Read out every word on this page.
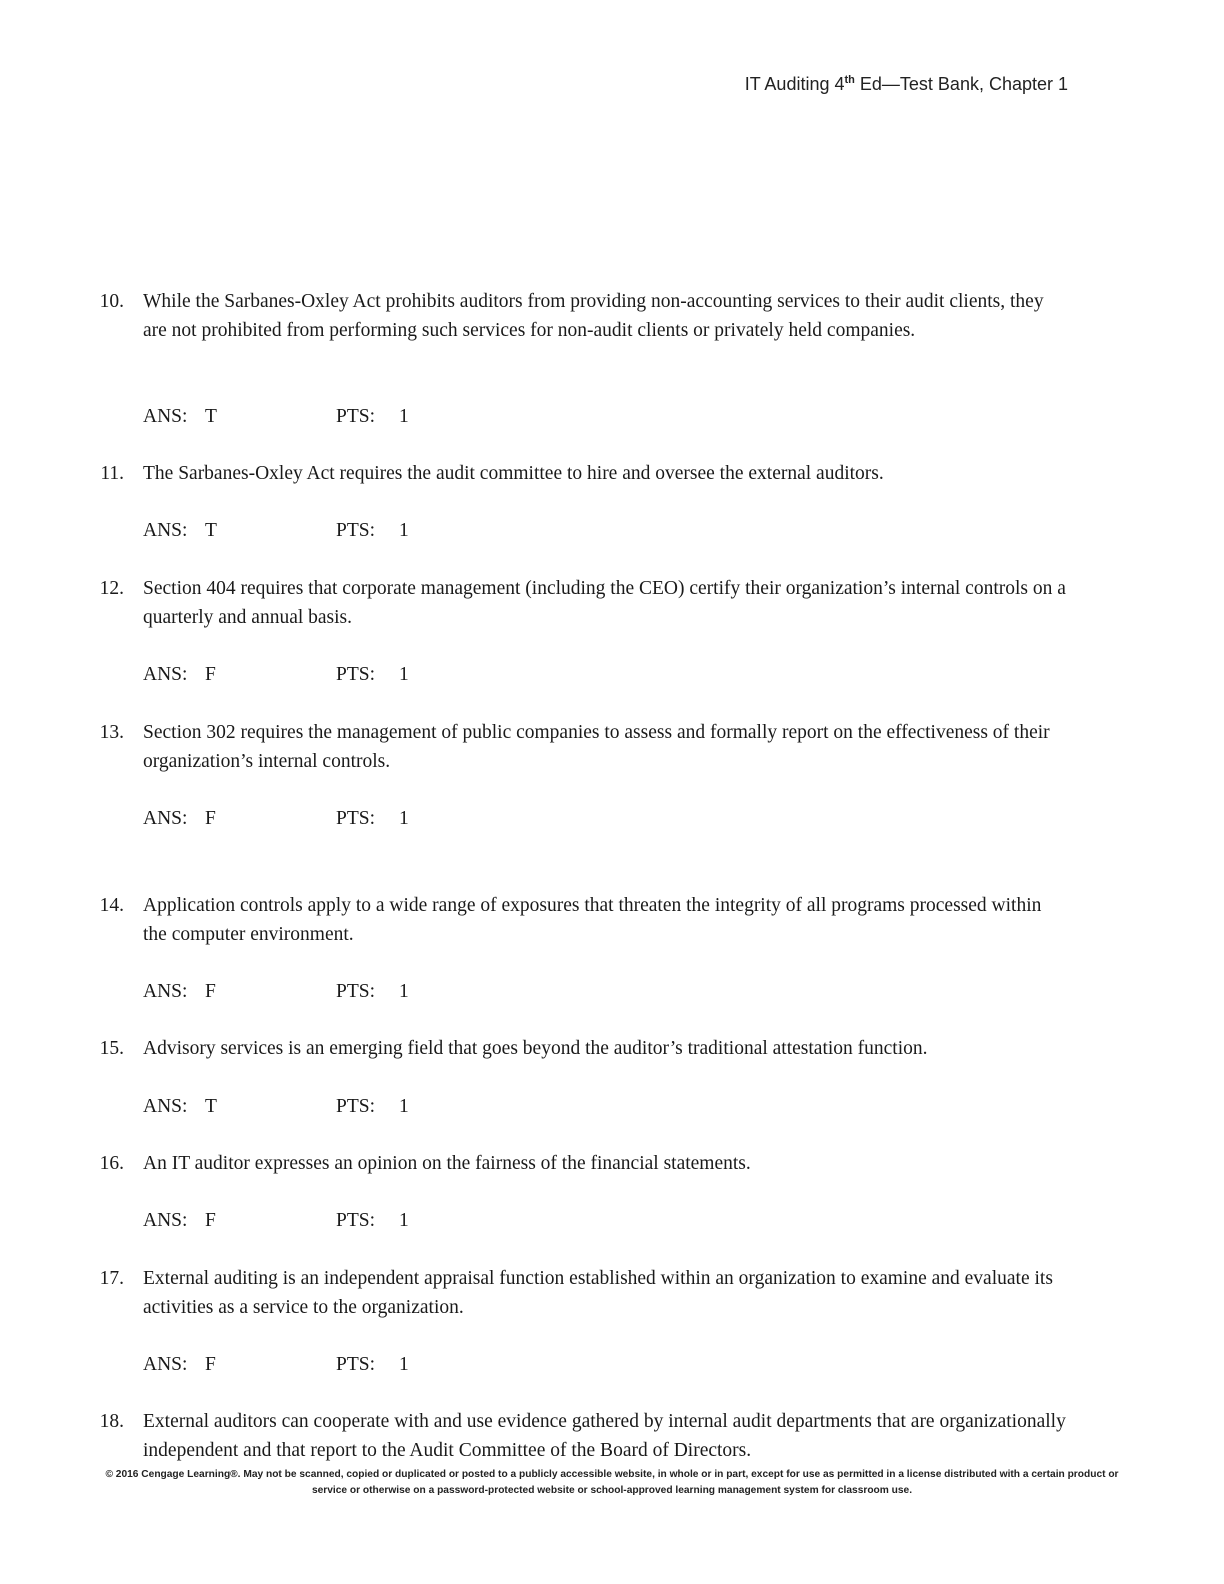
IT Auditing 4th Ed—Test Bank, Chapter 1
10. While the Sarbanes-Oxley Act prohibits auditors from providing non-accounting services to their audit clients, they are not prohibited from performing such services for non-audit clients or privately held companies.
ANS: T	PTS: 1
11. The Sarbanes-Oxley Act requires the audit committee to hire and oversee the external auditors.
ANS: T	PTS: 1
12. Section 404 requires that corporate management (including the CEO) certify their organization’s internal controls on a quarterly and annual basis.
ANS: F	PTS: 1
13. Section 302 requires the management of public companies to assess and formally report on the effectiveness of their organization’s internal controls.
ANS: F	PTS: 1
14. Application controls apply to a wide range of exposures that threaten the integrity of all programs processed within the computer environment.
ANS: F	PTS: 1
15. Advisory services is an emerging field that goes beyond the auditor’s traditional attestation function.
ANS: T	PTS: 1
16. An IT auditor expresses an opinion on the fairness of the financial statements.
ANS: F	PTS: 1
17. External auditing is an independent appraisal function established within an organization to examine and evaluate its activities as a service to the organization.
ANS: F	PTS: 1
18. External auditors can cooperate with and use evidence gathered by internal audit departments that are organizationally independent and that report to the Audit Committee of the Board of Directors.
© 2016 Cengage Learning®. May not be scanned, copied or duplicated or posted to a publicly accessible website, in whole or in part, except for use as permitted in a license distributed with a certain product or service or otherwise on a password-protected website or school-approved learning management system for classroom use.
